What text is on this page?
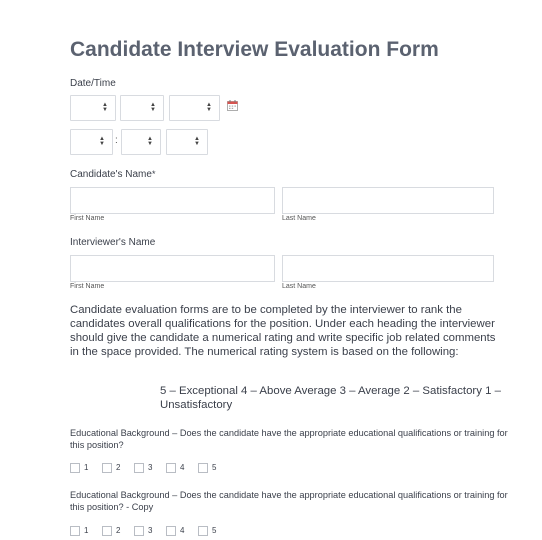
Candidate Interview Evaluation Form
Date/Time
▲
▼
▲
▼
▲
▼
▲
▼ :	▲
▼
▲
▼
Candidate's Name*
First Name	Last Name
Interviewer's Name
First Name	Last Name
Candidate evaluation forms are to be completed by the interviewer to rank the candidates overall qualifications for the position. Under each heading the interviewer should give the candidate a numerical rating and write specific job related comments in the space provided. The numerical rating system is based on the following:
5 – Exceptional 4 – Above Average 3 – Average 2 – Satisfactory 1 – Unsatisfactory
Educational Background – Does the candidate have the appropriate educational qualifications or training for this position?
1	2	3	4	5
Educational Background – Does the candidate have the appropriate educational qualifications or training for this position? - Copy
1	2	3	4	5
